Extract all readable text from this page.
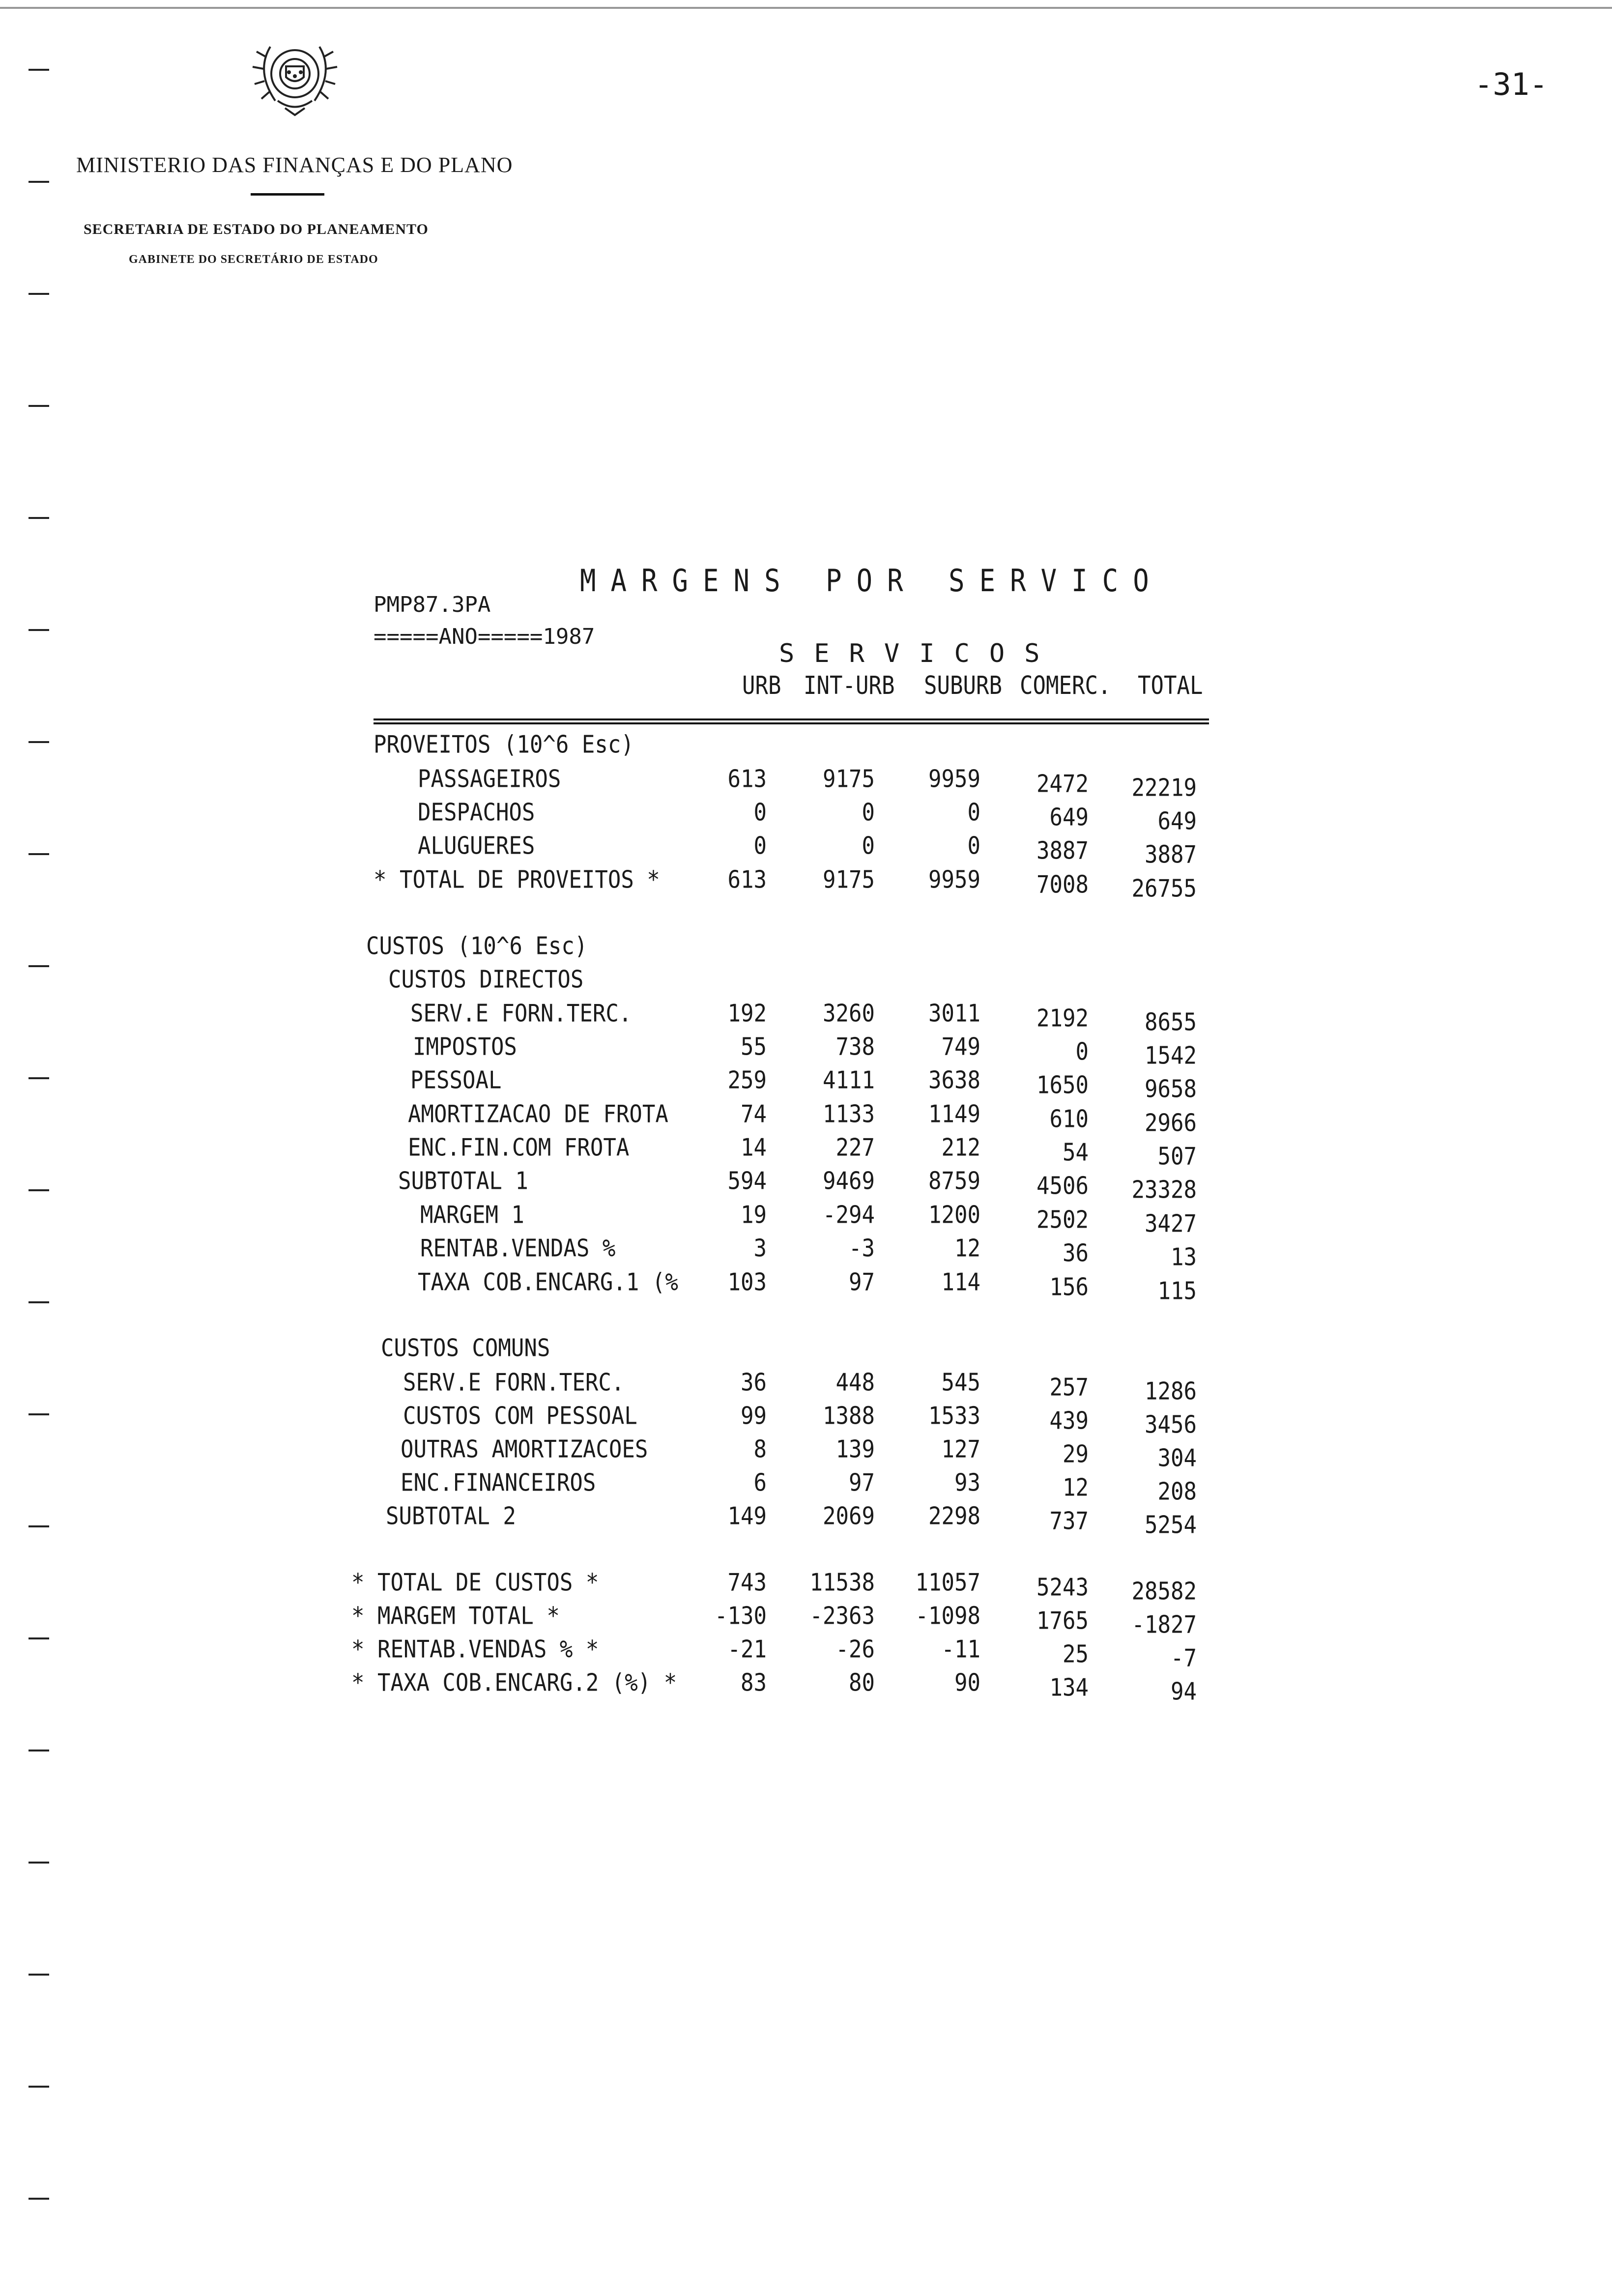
MINISTERIO DAS FINANÇAS E DO PLANO
SECRETARIA DE ESTADO DO PLANEAMENTO
GABINETE DO SECRETÁRIO DE ESTADO
-31-
MARGENS POR SERVICO
PMP87.3PA
=====ANO=====1987
SERVICOS
URB INT-URB SUBURB COMERC. TOTAL
PROVEITOS (10^6 Esc)
PASSAGEIROS	613	9175	9959	2472	22219
DESPACHOS	0	0	0	649	649
ALUGUERES	0	0	0	3887	3887
* TOTAL DE PROVEITOS *	613	9175	9959	7008	26755
CUSTOS (10^6 Esc)
CUSTOS DIRECTOS
SERV.E FORN.TERC.	192	3260	3011	2192	8655
IMPOSTOS	55	738	749	0	1542
PESSOAL	259	4111	3638	1650	9658
AMORTIZACAO DE FROTA	74	1133	1149	610	2966
ENC.FIN.COM FROTA	14	227	212	54	507
SUBTOTAL 1	594	9469	8759	4506	23328
MARGEM 1	19	-294	1200	2502	3427
RENTAB.VENDAS %	3	-3	12	36	13
TAXA COB.ENCARG.1 (%	103	97	114	156	115
CUSTOS COMUNS
SERV.E FORN.TERC.	36	448	545	257	1286
CUSTOS COM PESSOAL	99	1388	1533	439	3456
OUTRAS AMORTIZACOES	8	139	127	29	304
ENC.FINANCEIROS	6	97	93	12	208
SUBTOTAL 2	149	2069	2298	737	5254
* TOTAL DE CUSTOS *	743	11538	11057	5243	28582
* MARGEM TOTAL *	-130	-2363	-1098	1765	-1827
* RENTAB.VENDAS % *	-21	-26	-11	25	-7
* TAXA COB.ENCARG.2 (%) *	83	80	90	134	94
